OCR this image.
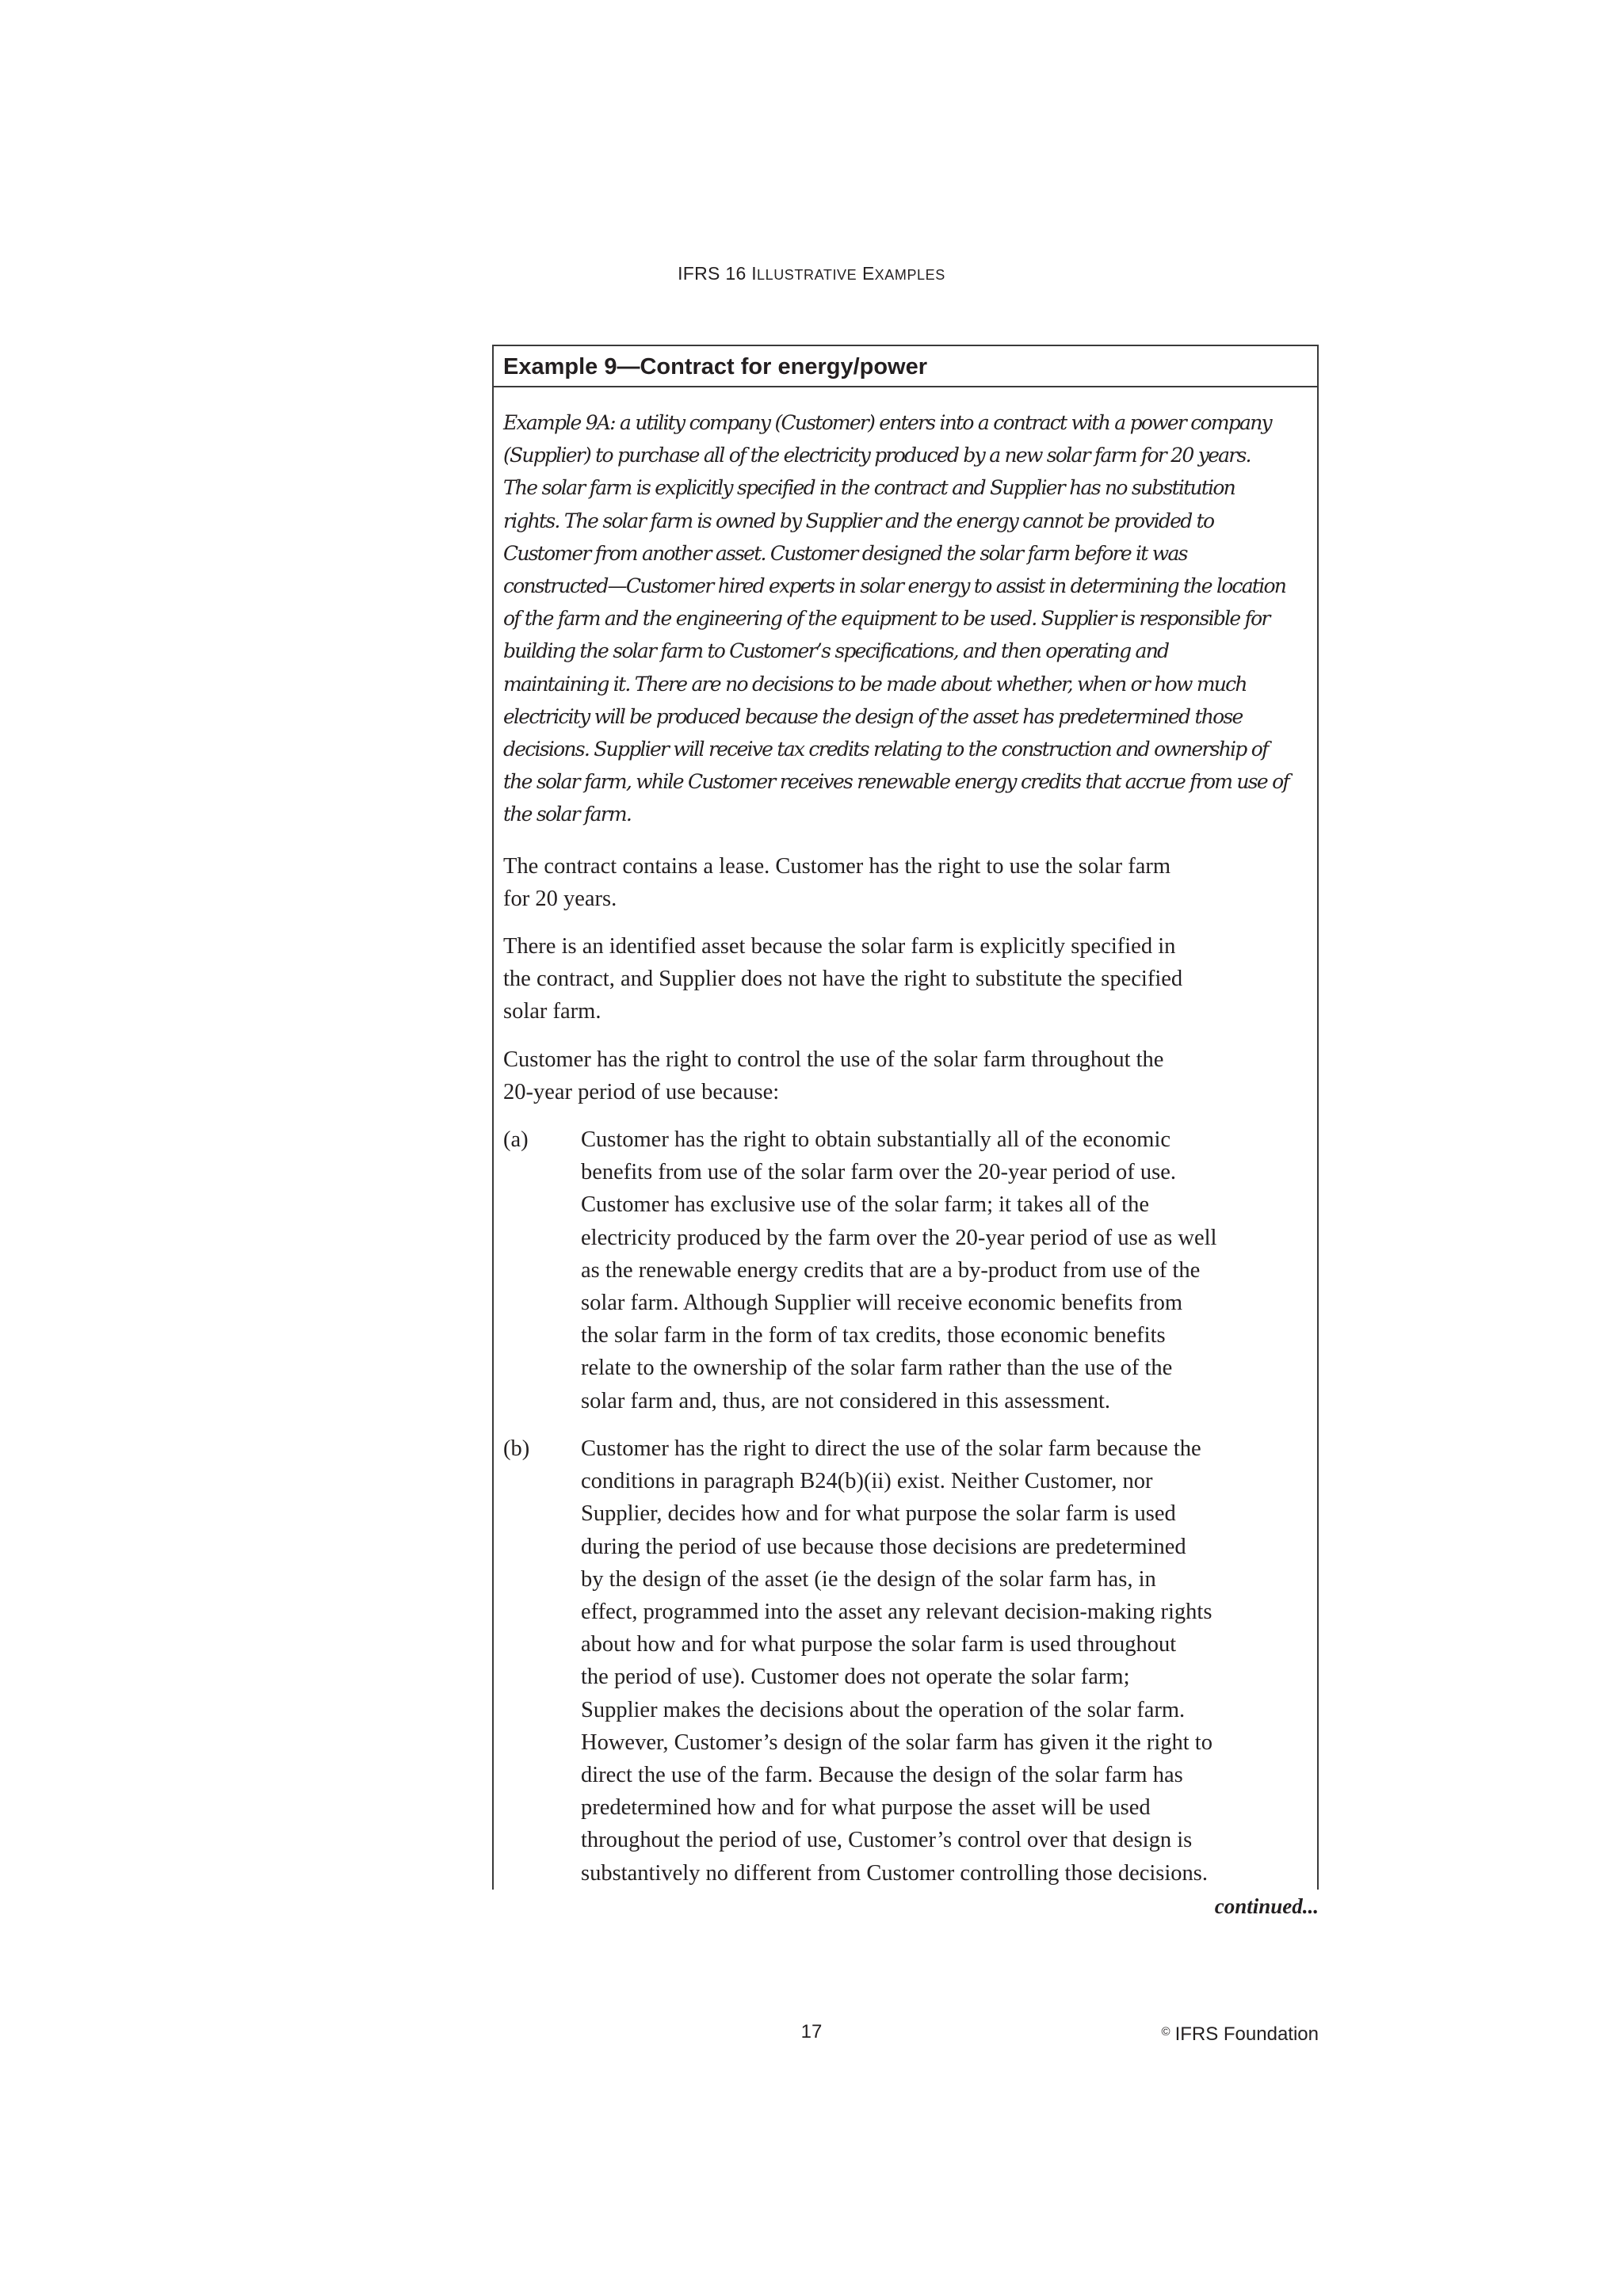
IFRS 16 ILLUSTRATIVE EXAMPLES
Example 9—Contract for energy/power
Example 9A: a utility company (Customer) enters into a contract with a power company
(Supplier) to purchase all of the electricity produced by a new solar farm for 20 years.
The solar farm is explicitly specified in the contract and Supplier has no substitution
rights. The solar farm is owned by Supplier and the energy cannot be provided to
Customer from another asset. Customer designed the solar farm before it was
constructed—Customer hired experts in solar energy to assist in determining the location
of the farm and the engineering of the equipment to be used. Supplier is responsible for
building the solar farm to Customer’s specifications, and then operating and
maintaining it. There are no decisions to be made about whether, when or how much
electricity will be produced because the design of the asset has predetermined those
decisions. Supplier will receive tax credits relating to the construction and ownership of
the solar farm, while Customer receives renewable energy credits that accrue from use of
the solar farm.
The contract contains a lease. Customer has the right to use the solar farm
for 20 years.
There is an identified asset because the solar farm is explicitly specified in
the contract, and Supplier does not have the right to substitute the specified
solar farm.
Customer has the right to control the use of the solar farm throughout the
20-year period of use because:
(a) Customer has the right to obtain substantially all of the economic
benefits from use of the solar farm over the 20-year period of use.
Customer has exclusive use of the solar farm; it takes all of the
electricity produced by the farm over the 20-year period of use as well
as the renewable energy credits that are a by-product from use of the
solar farm. Although Supplier will receive economic benefits from
the solar farm in the form of tax credits, those economic benefits
relate to the ownership of the solar farm rather than the use of the
solar farm and, thus, are not considered in this assessment.
(b) Customer has the right to direct the use of the solar farm because the
conditions in paragraph B24(b)(ii) exist. Neither Customer, nor
Supplier, decides how and for what purpose the solar farm is used
during the period of use because those decisions are predetermined
by the design of the asset (ie the design of the solar farm has, in
effect, programmed into the asset any relevant decision-making rights
about how and for what purpose the solar farm is used throughout
the period of use). Customer does not operate the solar farm;
Supplier makes the decisions about the operation of the solar farm.
However, Customer’s design of the solar farm has given it the right to
direct the use of the farm. Because the design of the solar farm has
predetermined how and for what purpose the asset will be used
throughout the period of use, Customer’s control over that design is
substantively no different from Customer controlling those decisions.
continued...
17	© IFRS Foundation
